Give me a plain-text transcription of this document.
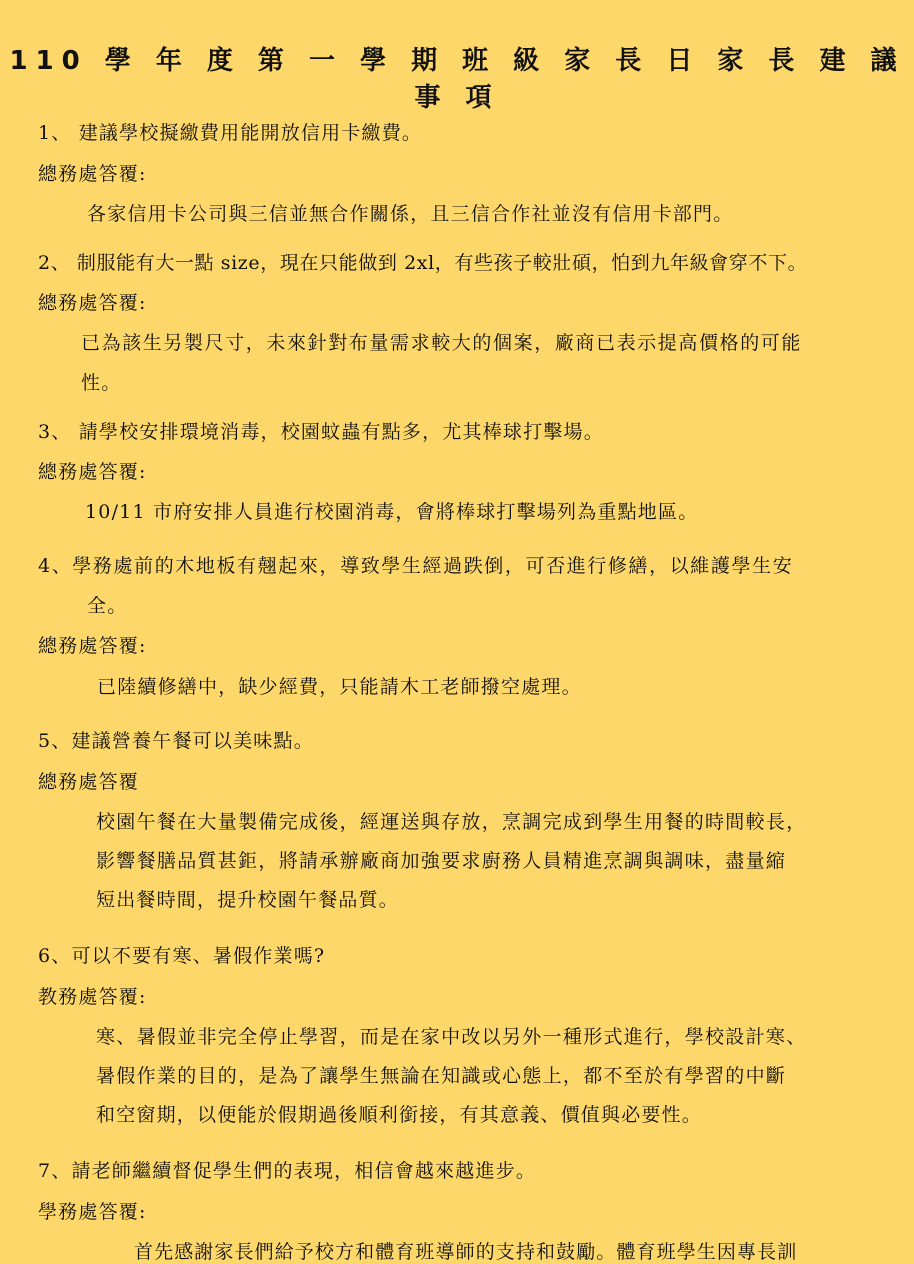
110 學 年 度 第 一 學 期 班 級 家 長 日 家 長 建 議 事 項
1、 建議學校擬繳費用能開放信用卡繳費。
總務處答覆:
各家信用卡公司與三信並無合作關係，且三信合作社並沒有信用卡部門。
2、 制服能有大一點 size，現在只能做到 2xl，有些孩子較壯碩，怕到九年級會穿不下。
總務處答覆:
已為該生另製尺寸，未來針對布量需求較大的個案，廠商已表示提高價格的可能
性。
3、 請學校安排環境消毒，校園蚊蟲有點多，尤其棒球打擊場。
總務處答覆:
10/11 市府安排人員進行校園消毒，會將棒球打擊場列為重點地區。
4、學務處前的木地板有翹起來，導致學生經過跌倒，可否進行修繕，以維護學生安
全。
總務處答覆:
已陸續修繕中，缺少經費，只能請木工老師撥空處理。
5、建議營養午餐可以美味點。
總務處答覆
校園午餐在大量製備完成後，經運送與存放，烹調完成到學生用餐的時間較長，
影響餐膳品質甚鉅，將請承辦廠商加強要求廚務人員精進烹調與調味，盡量縮
短出餐時間，提升校園午餐品質。
6、可以不要有寒、暑假作業嗎?
教務處答覆:
寒、暑假並非完全停止學習，而是在家中改以另外一種形式進行，學校設計寒、
暑假作業的目的，是為了讓學生無論在知識或心態上，都不至於有學習的中斷
和空窗期，以便能於假期過後順利銜接，有其意義、價值與必要性。
7、請老師繼續督促學生們的表現，相信會越來越進步。
學務處答覆:
首先感謝家長們給予校方和體育班導師的支持和鼓勵。體育班學生因專長訓
